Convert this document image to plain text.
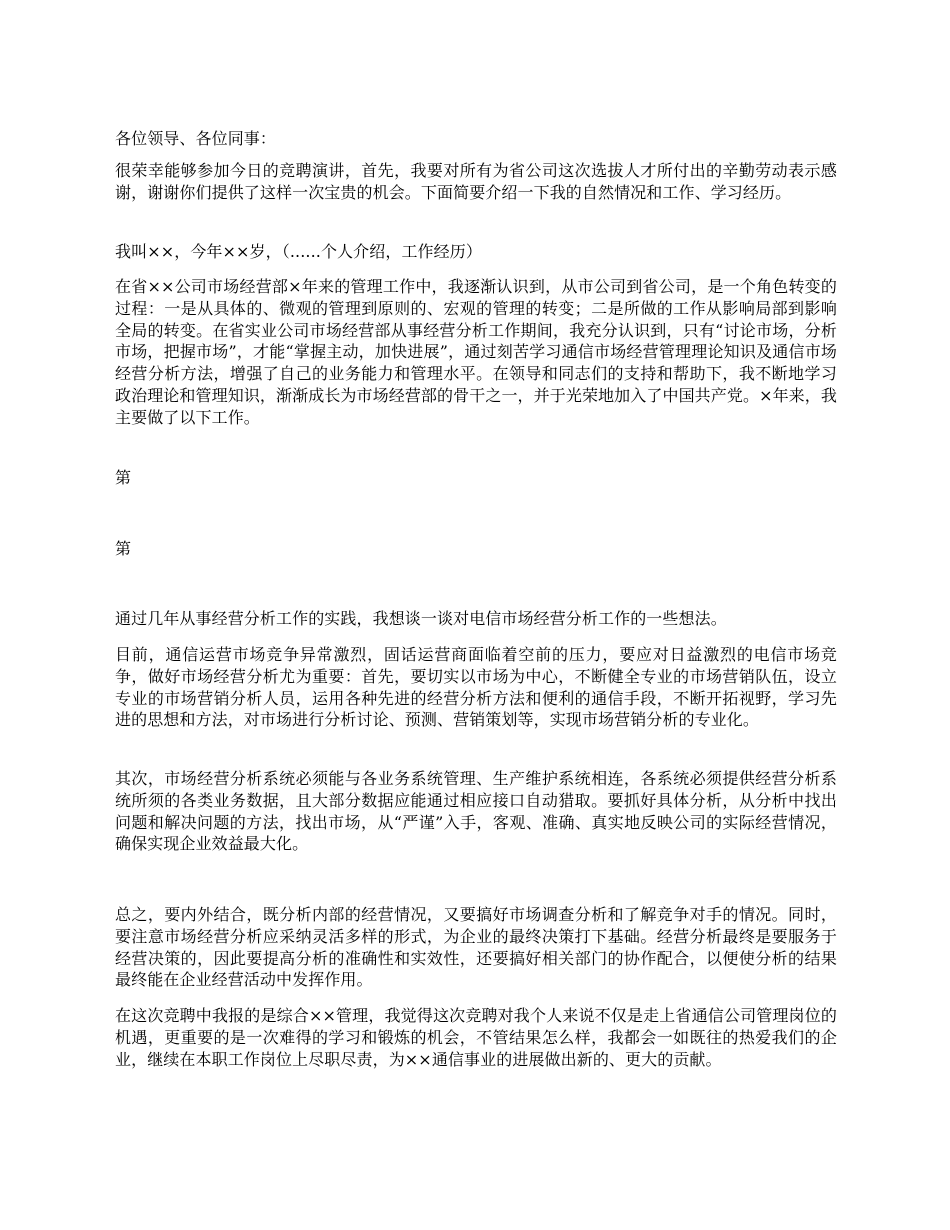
各位领导、各位同事：

很荣幸能够参加今日的竞聘演讲，首先，我要对所有为省公司这次选拔人才所付出的辛勤劳动表示感谢，谢谢你们提供了这样一次宝贵的机会。下面简要介绍一下我的自然情况和工作、学习经历。

我叫××，今年××岁，（......个人介绍，工作经历）

在省××公司市场经营部×年来的管理工作中，我逐渐认识到，从市公司到省公司，是一个角色转变的过程：一是从具体的、微观的管理到原则的、宏观的管理的转变；二是所做的工作从影响局部到影响全局的转变。在省实业公司市场经营部从事经营分析工作期间，我充分认识到，只有“讨论市场，分析市场，把握市场”，才能“掌握主动，加快进展”，通过刻苦学习通信市场经营管理理论知识及通信市场经营分析方法，增强了自己的业务能力和管理水平。在领导和同志们的支持和帮助下，我不断地学习政治理论和管理知识，渐渐成长为市场经营部的骨干之一，并于光荣地加入了中国共产党。×年来，我主要做了以下工作。

第

第

通过几年从事经营分析工作的实践，我想谈一谈对电信市场经营分析工作的一些想法。

目前，通信运营市场竞争异常激烈，固话运营商面临着空前的压力，要应对日益激烈的电信市场竞争，做好市场经营分析尤为重要：首先，要切实以市场为中心，不断健全专业的市场营销队伍，设立专业的市场营销分析人员，运用各种先进的经营分析方法和便利的通信手段，不断开拓视野，学习先进的思想和方法，对市场进行分析讨论、预测、营销策划等，实现市场营销分析的专业化。

其次，市场经营分析系统必须能与各业务系统管理、生产维护系统相连，各系统必须提供经营分析系统所须的各类业务数据，且大部分数据应能通过相应接口自动猎取。要抓好具体分析，从分析中找出问题和解决问题的方法，找出市场，从“严谨”入手，客观、准确、真实地反映公司的实际经营情况，确保实现企业效益最大化。

总之，要内外结合，既分析内部的经营情况，又要搞好市场调查分析和了解竞争对手的情况。同时，要注意市场经营分析应采纳灵活多样的形式，为企业的最终决策打下基础。经营分析最终是要服务于经营决策的，因此要提高分析的准确性和实效性，还要搞好相关部门的协作配合，以便使分析的结果最终能在企业经营活动中发挥作用。

在这次竞聘中我报的是综合××管理，我觉得这次竞聘对我个人来说不仅是走上省通信公司管理岗位的机遇，更重要的是一次难得的学习和锻炼的机会，不管结果怎么样，我都会一如既往的热爱我们的企业，继续在本职工作岗位上尽职尽责，为××通信事业的进展做出新的、更大的贡献。
